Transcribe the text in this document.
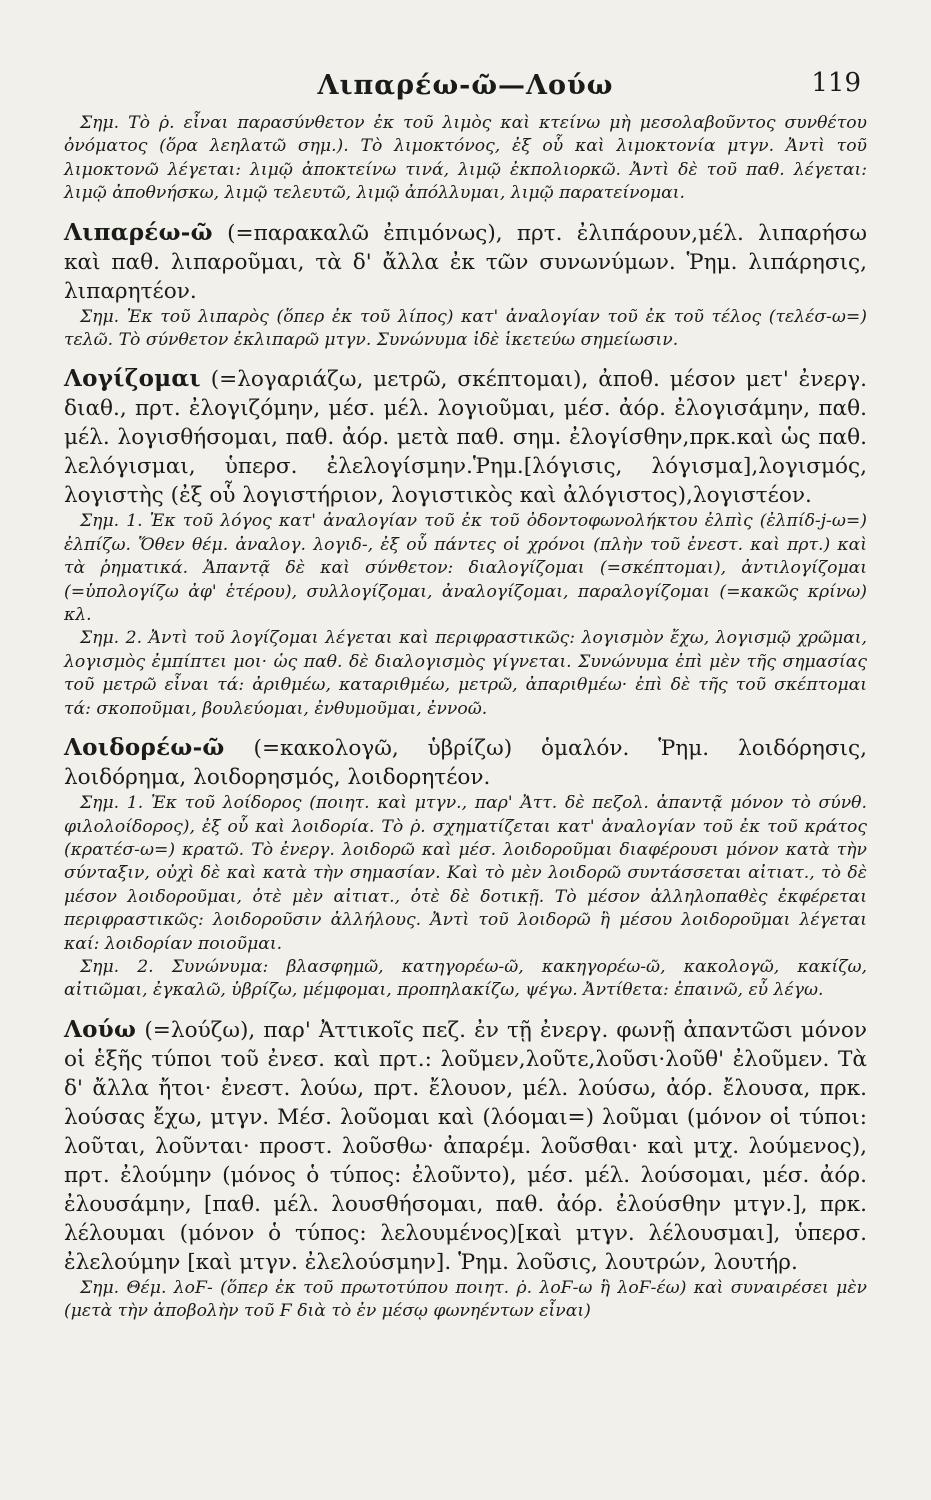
Λιπαρέω-ῶ—Λούω	119

Σημ. Τὸ ρ̇. εἶναι παρασύνθετον ἐκ τοῦ λιμὸς καὶ κτείνω μὴ μεσολαβοῦντος συνθέτου ὀνόματος (ὅρα λεηλατῶ σημ.). Τὸ λιμοκτόνος, ἐξ οὗ καὶ λιμοκτονία μτγν. Ἀντὶ τοῦ λιμοκτονῶ λέγεται: λιμῷ ἀποκτείνω τινά, λιμῷ ἐκπολιορκῶ. Ἀντὶ δὲ τοῦ παθ. λέγεται: λιμῷ ἀποθνήσκω, λιμῷ τελευτῶ, λιμῷ ἀπόλλυμαι, λιμῷ παρατείνομαι.

Λιπαρέω-ῶ (=παρακαλῶ ἐπιμόνως), πρτ. ἐλιπάρουν,μέλ. λιπαρήσω καὶ παθ. λιπαροῦμαι, τὰ δ' ἄλλα ἐκ τῶν συνωνύμων. Ῥημ. λιπάρησις, λιπαρητέον.

Σημ. Ἐκ τοῦ λιπαρὸς (ὅπερ ἐκ τοῦ λίπος) κατ' ἀναλογίαν τοῦ ἐκ τοῦ τέλος (τελέσ-ω=) τελῶ. Τὸ σύνθετον ἐκλιπαρῶ μτγν. Συνώνυμα ἰδὲ ἱκετεύω σημείωσιν.

Λογίζομαι (=λογαριάζω, μετρῶ, σκέπτομαι), ἀποθ. μέσον μετ' ἐνεργ. διαθ., πρτ. ἐλογιζόμην, μέσ. μέλ. λογιοῦμαι, μέσ. ἀόρ. ἐλογισάμην, παθ. μέλ. λογισθήσομαι, παθ. ἀόρ. μετὰ παθ. σημ. ἐλογίσθην,πρκ.καὶ ὡς παθ. λελόγισμαι, ὑπερσ. ἐλελογίσμην.Ῥημ.[λόγισις, λόγισμα],λογισμός, λογιστὴς (ἐξ οὗ λογιστήριον, λογιστικὸς καὶ ἀλόγιστος),λογιστέον.

Σημ. 1. Ἐκ τοῦ λόγος κατ' ἀναλογίαν τοῦ ἐκ τοῦ ὀδοντοφωνολήκτου ἐλπὶς (ἐλπίδ-j-ω=) ἐλπίζω. Ὅθεν θέμ. ἀναλογ. λογιδ-, ἐξ οὗ πάντες οἱ χρόνοι (πλὴν τοῦ ἐνεστ. καὶ πρτ.) καὶ τὰ ῥηματικά. Ἀπαντᾷ δὲ καὶ σύνθετον: διαλογίζομαι (=σκέπτομαι), ἀντιλογίζομαι (=ὑπολογίζω ἀφ' ἑτέρου), συλλογίζομαι, ἀναλογίζομαι, παραλογίζομαι (=κακῶς κρίνω) κλ.

Σημ. 2. Ἀντὶ τοῦ λογίζομαι λέγεται καὶ περιφραστικῶς: λογισμὸν ἔχω, λογισμῷ χρῶμαι, λογισμὸς ἐμπίπτει μοι· ὡς παθ. δὲ διαλογισμὸς γίγνεται. Συνώνυμα ἐπὶ μὲν τῆς σημασίας τοῦ μετρῶ εἶναι τά: ἀριθμέω, καταριθμέω, μετρῶ, ἀπαριθμέω· ἐπὶ δὲ τῆς τοῦ σκέπτομαι τά: σκοποῦμαι, βουλεύομαι, ἐνθυμοῦμαι, ἐννοῶ.

Λοιδορέω-ῶ (=κακολογῶ, ὑβρίζω) ὁμαλόν. Ῥημ. λοιδόρησις, λοιδόρημα, λοιδορησμός, λοιδορητέον.

Σημ. 1. Ἐκ τοῦ λοίδορος (ποιητ. καὶ μτγν., παρ' Ἀττ. δὲ πεζολ. ἀπαντᾷ μόνον τὸ σύνθ. φιλολοίδορος), ἐξ οὗ καὶ λοιδορία. Τὸ ρ̇. σχηματίζεται κατ' ἀναλογίαν τοῦ ἐκ τοῦ κράτος (κρατέσ-ω=) κρατῶ. Τὸ ἐνεργ. λοιδορῶ καὶ μέσ. λοιδοροῦμαι διαφέρουσι μόνον κατὰ τὴν σύνταξιν, οὐχὶ δὲ καὶ κατὰ τὴν σημασίαν. Καὶ τὸ μὲν λοιδορῶ συντάσσεται αἰτιατ., τὸ δὲ μέσον λοιδοροῦμαι, ὁτὲ μὲν αἰτιατ., ὁτὲ δὲ δοτικῇ. Τὸ μέσον ἀλληλοπαθὲς ἐκφέρεται περιφραστικῶς: λοιδοροῦσιν ἀλλήλους. Ἀντὶ τοῦ λοιδορῶ ἢ μέσου λοιδοροῦμαι λέγεται καί: λοιδορίαν ποιοῦμαι.

Σημ. 2. Συνώνυμα: βλασφημῶ, κατηγορέω-ῶ, κακηγορέω-ῶ, κακολογῶ, κακίζω, αἰτιῶμαι, ἐγκαλῶ, ὑβρίζω, μέμφομαι, προπηλακίζω, ψέγω. Ἀντίθετα: ἐπαινῶ, εὖ λέγω.

Λούω (=λούζω), παρ' Ἀττικοῖς πεζ. ἐν τῇ ἐνεργ. φωνῇ ἀπαντῶσι μόνον οἱ ἑξῆς τύποι τοῦ ἐνεσ. καὶ πρτ.: λοῦμεν,λοῦτε,λοῦσι·λοῦθ' ἐλοῦμεν. Τὰ δ' ἄλλα ἤτοι· ἐνεστ. λούω, πρτ. ἔλουον, μέλ. λούσω, ἀόρ. ἔλουσα, πρκ. λούσας ἔχω, μτγν. Μέσ. λοῦομαι καὶ (λόομαι=) λοῦμαι (μόνον οἱ τύποι: λοῦται, λοῦνται· προστ. λοῦσθω· ἀπαρέμ. λοῦσθαι· καὶ μτχ. λούμενος), πρτ. ἐλούμην (μόνος ὁ τύπος: ἐλοῦντο), μέσ. μέλ. λούσομαι, μέσ. ἀόρ. ἐλουσάμην, [παθ. μέλ. λουσθήσομαι, παθ. ἀόρ. ἐλούσθην μτγν.], πρκ. λέλουμαι (μόνον ὁ τύπος: λελουμένος)[καὶ μτγν. λέλουσμαι], ὑπερσ. ἐλελούμην [καὶ μτγν. ἐλελούσμην]. Ῥημ. λοῦσις, λουτρών, λουτήρ.

Σημ. Θέμ. λοϜ- (ὅπερ ἐκ τοῦ πρωτοτύπου ποιητ. ρ̇. λοϜ-ω ἢ λοϜ-έω) καὶ συναιρέσει μὲν (μετὰ τὴν ἀποβολὴν τοῦ Ϝ διὰ τὸ ἐν μέσῳ φωνηέντων εἶναι)
